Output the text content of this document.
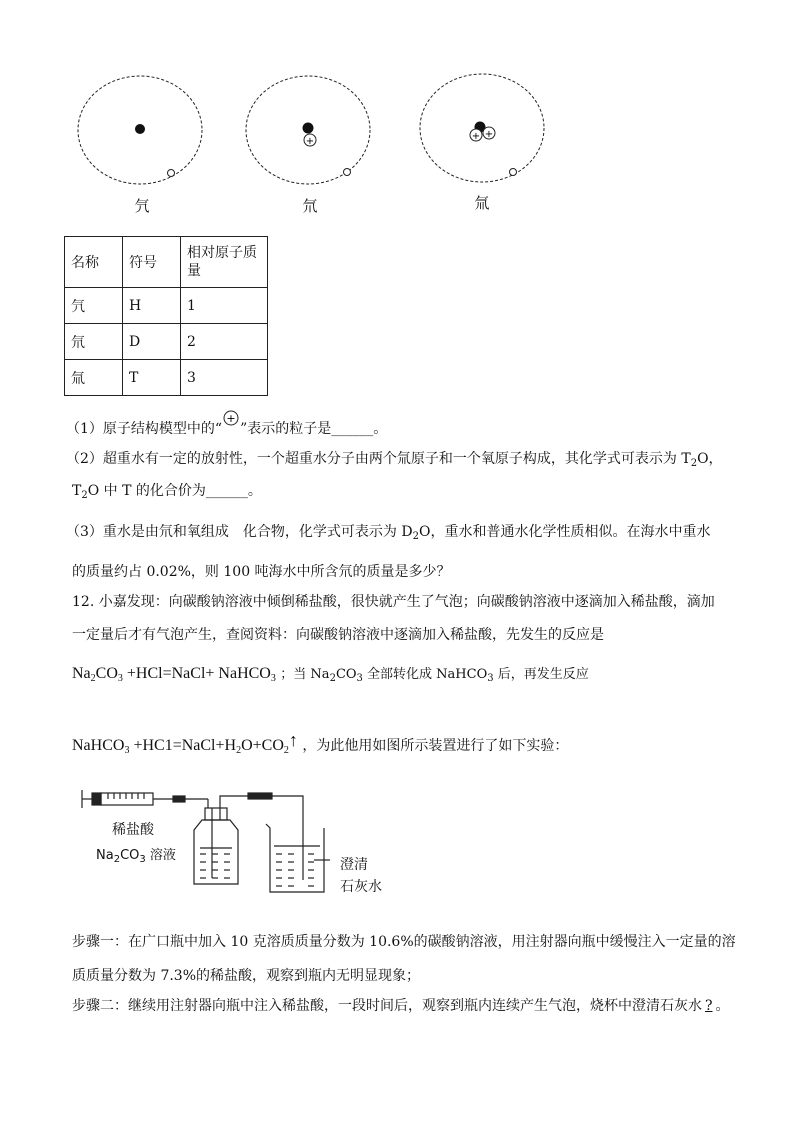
+	+ +
氕	氘	氚
名称	符号	相对原子质量
氕	H	1
氘	D	2
氚	T	3
（1）原子结构模型中的“
+
”表示的粒子是______。
（2）超重水有一定的放射性，一个超重水分子由两个氚原子和一个氧原子构成，其化学式可表示为 $T_2O$，
$T_2O$ 中 T 的化合价为______。
（3）重水是由氘和氧组成　化合物，化学式可表示为 $D_2O$，重水和普通水化学性质相似。在海水中重水
的质量约占 0.02%，则 100 吨海水中所含氘的质量是多少？
12. 小嘉发现：向碳酸钠溶液中倾倒稀盐酸，很快就产生了气泡；向碳酸钠溶液中逐滴加入稀盐酸，滴加
一定量后才有气泡产生，查阅资料：向碳酸钠溶液中逐滴加入稀盐酸，先发生的反应是
$Na_2CO_3$ +HCl=NaCl+ NaHCO$_3$ ；当 $Na_2CO_3$ 全部转化成 NaHCO$_3$ 后，再发生反应
NaHCO$_3$ $+HC1=NaCl+H_2O+CO_2↑$ ，为此他用如图所示装置进行了如下实验：
稀盐酸
$Na_2CO_3$ 溶液
澄清
石灰水
步骤一：在广口瓶中加入 10 克溶质质量分数为 10.6%的碳酸钠溶液，用注射器向瓶中缓慢注入一定量的溶
质质量分数为 7.3%的稀盐酸，观察到瓶内无明显现象；
步骤二：继续用注射器向瓶中注入稀盐酸，一段时间后，观察到瓶内连续产生气泡，烧杯中澄清石灰水 ? 。
